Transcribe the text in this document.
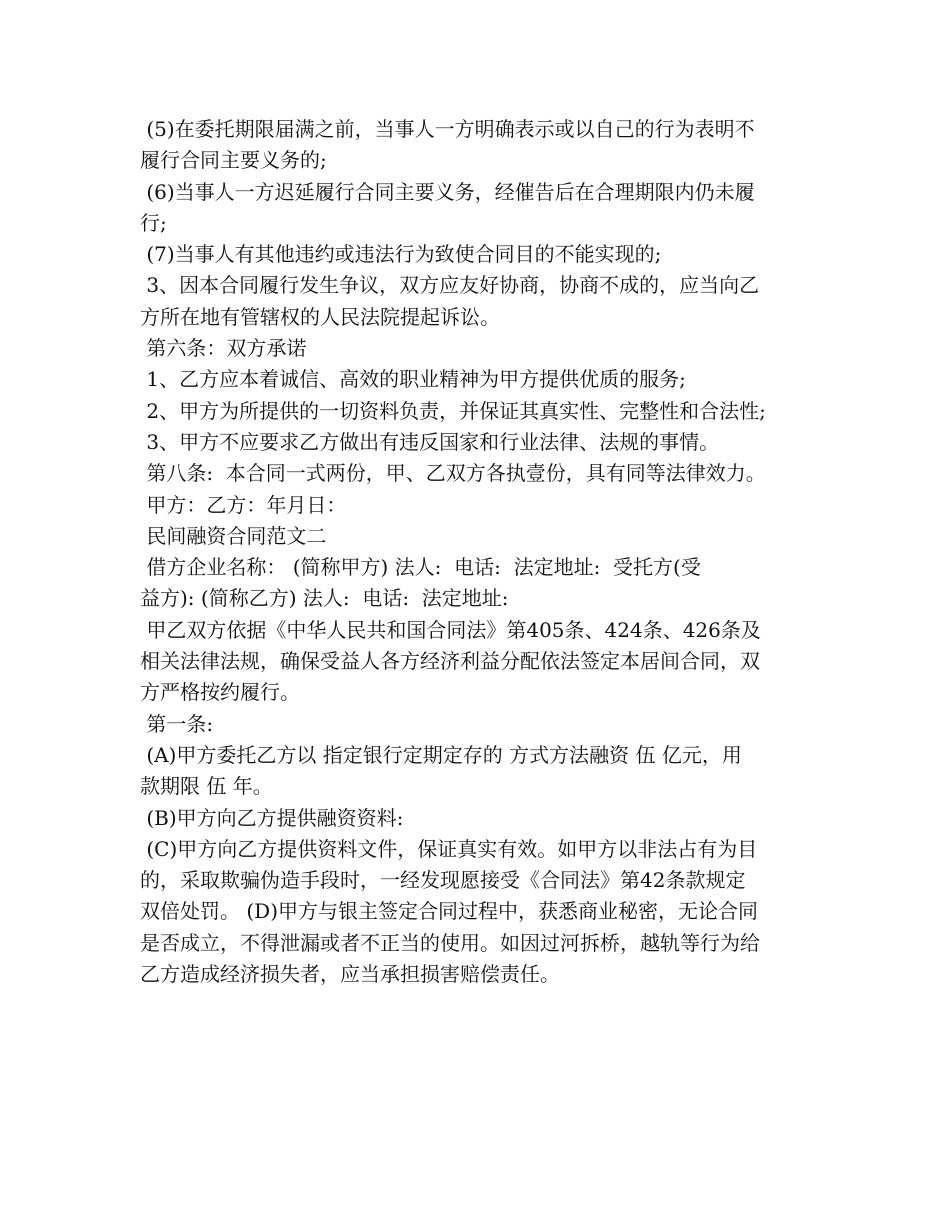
(5)在委托期限届满之前，当事人一方明确表示或以自己的行为表明不
履行合同主要义务的;
(6)当事人一方迟延履行合同主要义务，经催告后在合理期限内仍未履
行;
(7)当事人有其他违约或违法行为致使合同目的不能实现的;
3、因本合同履行发生争议，双方应友好协商，协商不成的，应当向乙
方所在地有管辖权的人民法院提起诉讼。
第六条：双方承诺
1、乙方应本着诚信、高效的职业精神为甲方提供优质的服务;
2、甲方为所提供的一切资料负责，并保证其真实性、完整性和合法性;
3、甲方不应要求乙方做出有违反国家和行业法律、法规的事情。
第八条:  本合同一式两份，甲、乙双方各执壹份，具有同等法律效力。
甲方：乙方：年月日：
民间融资合同范文二
借方企业名称： (简称甲方) 法人:  电话:  法定地址:  受托方(受
益方): (简称乙方) 法人:  电话:  法定地址:
甲乙双方依据《中华人民共和国合同法》第405条、424条、426条及
相关法律法规，确保受益人各方经济利益分配依法签定本居间合同，双
方严格按约履行。
第一条:
(A)甲方委托乙方以 指定银行定期定存的 方式方法融资 伍 亿元，用
款期限 伍 年。
(B)甲方向乙方提供融资资料:
(C)甲方向乙方提供资料文件，保证真实有效。如甲方以非法占有为目
的，采取欺骗伪造手段时，一经发现愿接受《合同法》第42条款规定
双倍处罚。 (D)甲方与银主签定合同过程中，获悉商业秘密，无论合同
是否成立，不得泄漏或者不正当的使用。如因过河拆桥，越轨等行为给
乙方造成经济损失者，应当承担损害赔偿责任。
